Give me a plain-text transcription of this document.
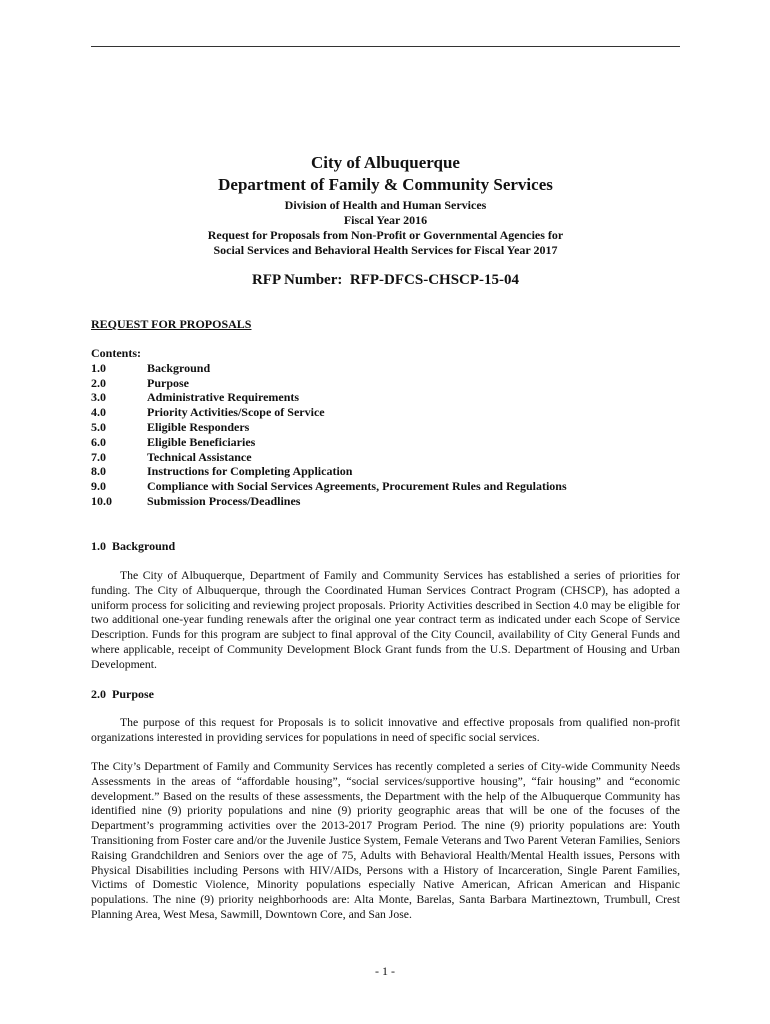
City of Albuquerque
Department of Family & Community Services
Division of Health and Human Services
Fiscal Year 2016
Request for Proposals from Non-Profit or Governmental Agencies for
Social Services and Behavioral Health Services for Fiscal Year 2017
RFP Number:  RFP-DFCS-CHSCP-15-04
REQUEST FOR PROPOSALS
Contents:
1.0	Background
2.0	Purpose
3.0	Administrative Requirements
4.0	Priority Activities/Scope of Service
5.0	Eligible Responders
6.0	Eligible Beneficiaries
7.0	Technical Assistance
8.0	Instructions for Completing Application
9.0	Compliance with Social Services Agreements, Procurement Rules and Regulations
10.0	Submission Process/Deadlines
1.0  Background
The City of Albuquerque, Department of Family and Community Services has established a series of priorities for funding. The City of Albuquerque, through the Coordinated Human Services Contract Program (CHSCP), has adopted a uniform process for soliciting and reviewing project proposals. Priority Activities described in Section 4.0 may be eligible for two additional one-year funding renewals after the original one year contract term as indicated under each Scope of Service Description. Funds for this program are subject to final approval of the City Council, availability of City General Funds and where applicable, receipt of Community Development Block Grant funds from the U.S. Department of Housing and Urban Development.
2.0  Purpose
The purpose of this request for Proposals is to solicit innovative and effective proposals from qualified non-profit organizations interested in providing services for populations in need of specific social services.
The City’s Department of Family and Community Services has recently completed a series of City-wide Community Needs Assessments in the areas of “affordable housing”, “social services/supportive housing”, “fair housing” and “economic development.” Based on the results of these assessments, the Department with the help of the Albuquerque Community has identified nine (9) priority populations and nine (9) priority geographic areas that will be one of the focuses of the Department’s programming activities over the 2013-2017 Program Period. The nine (9) priority populations are: Youth Transitioning from Foster care and/or the Juvenile Justice System, Female Veterans and Two Parent Veteran Families, Seniors Raising Grandchildren and Seniors over the age of 75, Adults with Behavioral Health/Mental Health issues, Persons with Physical Disabilities including Persons with HIV/AIDs, Persons with a History of Incarceration, Single Parent Families, Victims of Domestic Violence, Minority populations especially Native American, African American and Hispanic populations. The nine (9) priority neighborhoods are: Alta Monte, Barelas, Santa Barbara Martineztown, Trumbull, Crest Planning Area, West Mesa, Sawmill, Downtown Core, and San Jose.
- 1 -
